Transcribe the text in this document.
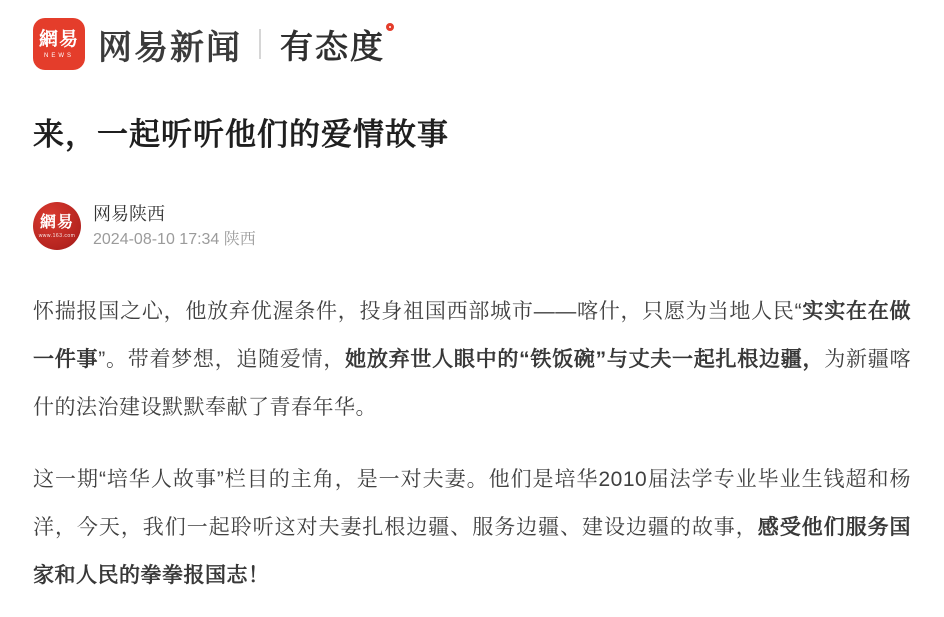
網易
NEWS 网易新闻 有态度
来，一起听听他们的爱情故事
網易
www.163.com
网易陕西
2024-08-10 17:34 陕西

怀揣报国之心，他放弃优渥条件，投身祖国西部城市——喀什，只愿为当地人民“实实在在做一件事”。带着梦想，追随爱情，她放弃世人眼中的“铁饭碗”与丈夫一起扎根边疆，为新疆喀什的法治建设默默奉献了青春年华。

这一期“培华人故事”栏目的主角，是一对夫妻。他们是培华2010届法学专业毕业生钱超和杨洋，今天，我们一起聆听这对夫妻扎根边疆、服务边疆、建设边疆的故事，感受他们服务国家和人民的拳拳报国志！
